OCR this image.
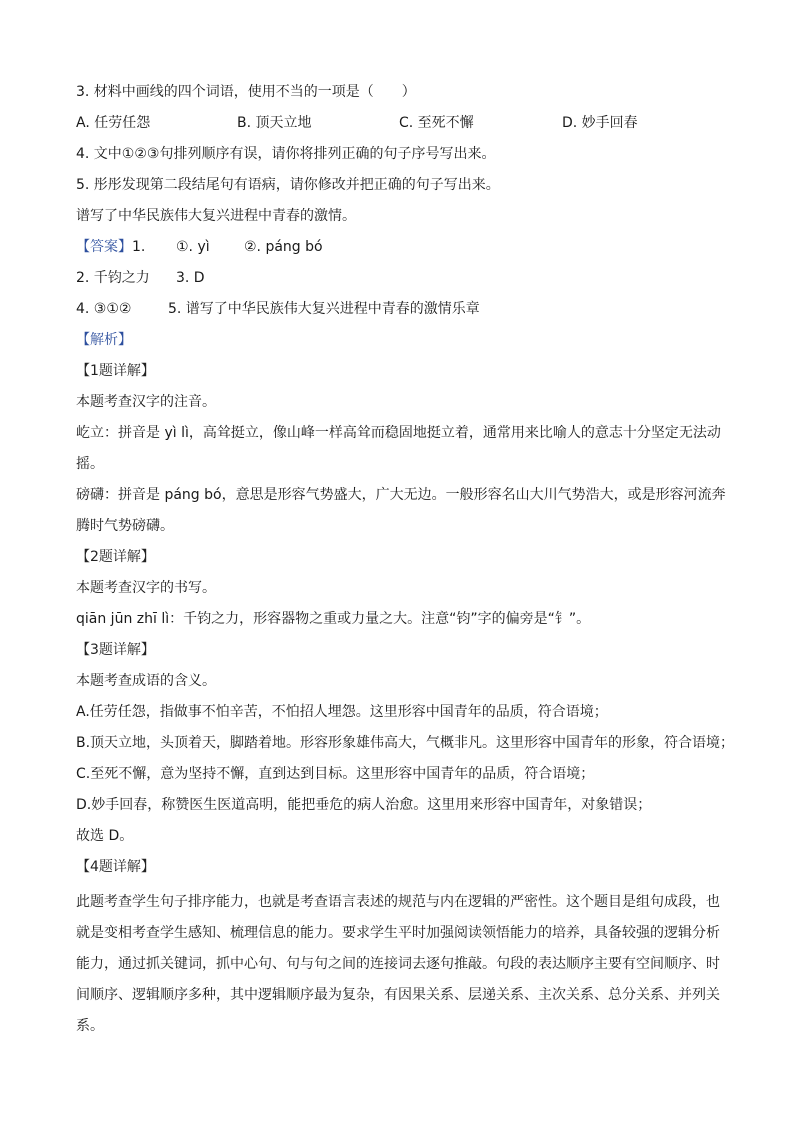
3. 材料中画线的四个词语，使用不当的一项是（　　）
A. 任劳任怨	B. 顶天立地	C. 至死不懈	D. 妙手回春
4. 文中①②③句排列顺序有误，请你将排列正确的句子序号写出来。
5. 彤彤发现第二段结尾句有语病，请你修改并把正确的句子写出来。
谱写了中华民族伟大复兴进程中青春的激情。
【答案】1. ①. yì ②. páng bó
2. 千钧之力 3. D
4. ③①②	5. 谱写了中华民族伟大复兴进程中青春的激情乐章
【解析】
【1题详解】
本题考查汉字的注音。
屹立：拼音是 yì lì，高耸挺立，像山峰一样高耸而稳固地挺立着，通常用来比喻人的意志十分坚定无法动
摇。
磅礴：拼音是 páng bó，意思是形容气势盛大，广大无边。一般形容名山大川气势浩大，或是形容河流奔
腾时气势磅礴。
【2题详解】
本题考查汉字的书写。
qiān jūn zhī lì：千钧之力，形容器物之重或力量之大。注意“钧”字的偏旁是“钅”。
【3题详解】
本题考查成语的含义。
A.任劳任怨，指做事不怕辛苦，不怕招人埋怨。这里形容中国青年的品质，符合语境；
B.顶天立地，头顶着天，脚踏着地。形容形象雄伟高大，气概非凡。这里形容中国青年的形象，符合语境；
C.至死不懈，意为坚持不懈，直到达到目标。这里形容中国青年的品质，符合语境；
D.妙手回春，称赞医生医道高明，能把垂危的病人治愈。这里用来形容中国青年，对象错误；
故选 D。
【4题详解】
此题考查学生句子排序能力，也就是考查语言表述的规范与内在逻辑的严密性。这个题目是组句成段，也
就是变相考查学生感知、梳理信息的能力。要求学生平时加强阅读领悟能力的培养，具备较强的逻辑分析
能力，通过抓关键词，抓中心句、句与句之间的连接词去逐句推敲。句段的表达顺序主要有空间顺序、时
间顺序、逻辑顺序多种，其中逻辑顺序最为复杂，有因果关系、层递关系、主次关系、总分关系、并列关
系。
